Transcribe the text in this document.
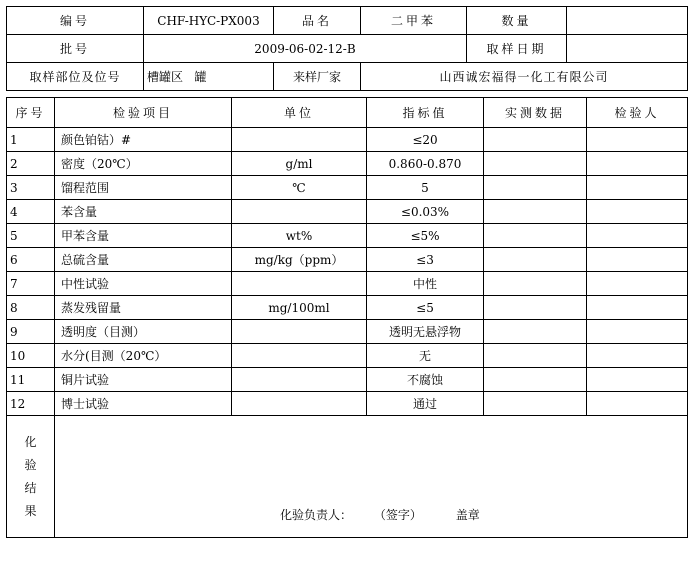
编号	CHF-HYC-PX003	品名	二甲苯	数量	
批号	2009-06-02-12-B			取样日期	
取样部位及位号	槽罐区   罐	来样厂家	山西诚宏福得一化工有限公司		
序号	检验项目	单位	指标值	实测数据	检验人
1	颜色铂钴）#		≤20		
2	密度（20℃）	g/ml	0.860-0.870		
3	馏程范围	℃	5		
4	苯含量		≤0.03%		
5	甲苯含量	wt%	≤5%		
6	总硫含量	mg/kg（ppm）	≤3		
7	中性试验		中性		
8	蒸发残留量	mg/100ml	≤5		
9	透明度（目测）		透明无悬浮物		
10	水分(目测（20℃）		无		
11	铜片试验		不腐蚀		
12	博士试验		通过		
化
验
结
果	化验负责人： （签字） 盖章				
